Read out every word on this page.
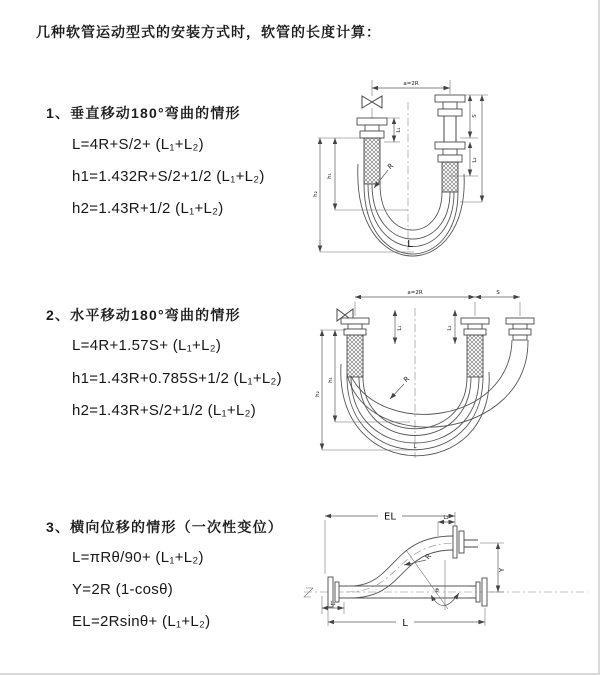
几种软管运动型式的安装方式时，软管的长度计算：
1、垂直移动180°弯曲的情形
L=4R+S/2+ (L₁+L₂)
h1=1.432R+S/2+1/2 (L₁+L₂)
h2=1.43R+1/2 (L₁+L₂)
2、水平移动180°弯曲的情形
L=4R+1.57S+ (L₁+L₂)
h1=1.43R+0.785S+1/2 (L₁+L₂)
h2=1.43R+S/2+1/2 (L₁+L₂)
3、横向位移的情形（一次性变位）
L=πRθ/90+ (L₁+L₂)
Y=2R (1-cosθ)
EL=2Rsinθ+ (L₁+L₂)
a=2R
h₁
h₂
L₁
S
L₂
R
L
a=2R	S
h₁
h₂
L₁	L₂
R
L
EL	L₂
Y
L
L₁
R
θ
